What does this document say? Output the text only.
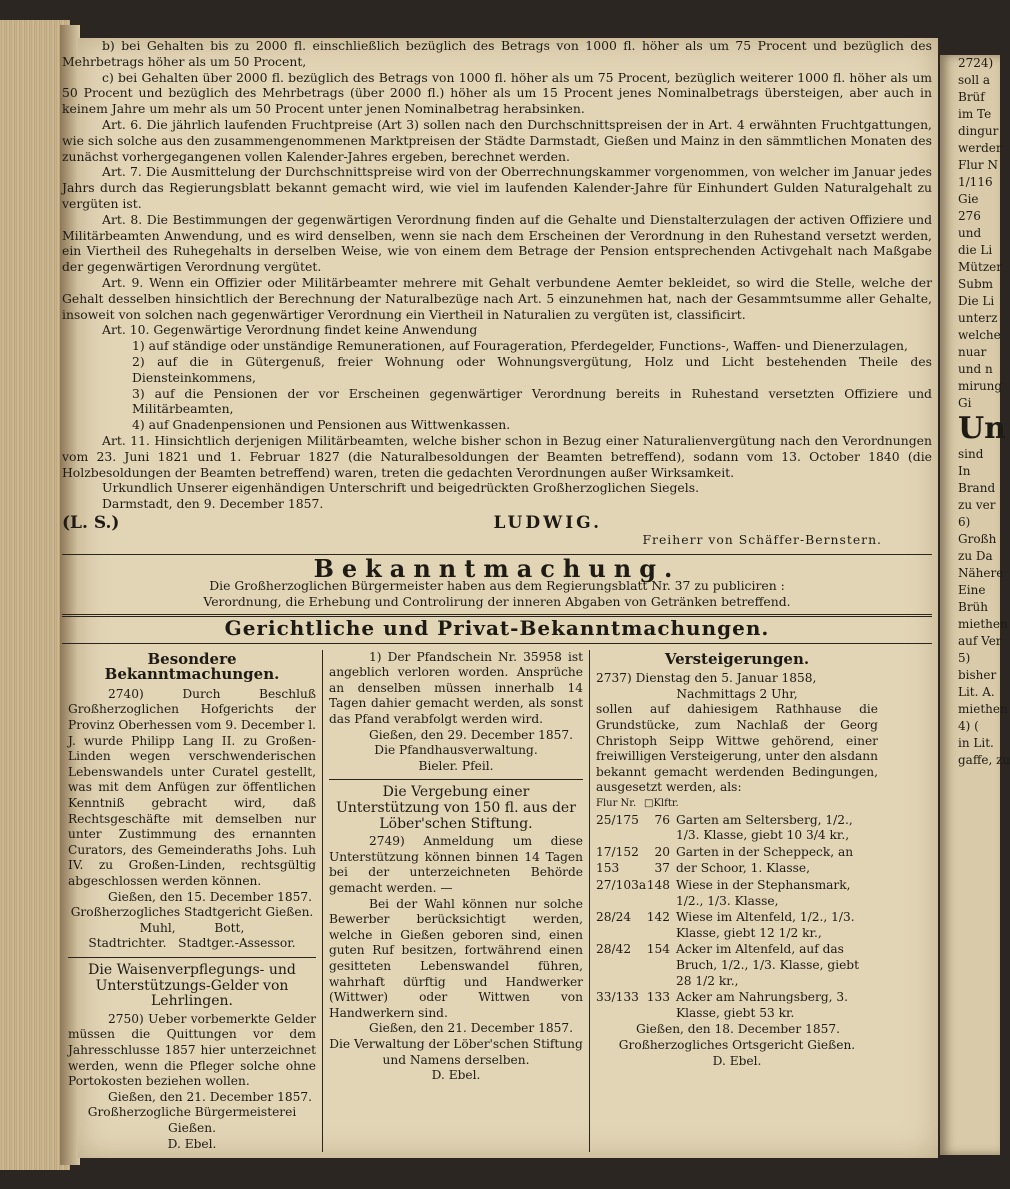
2724)
soll a
Brüf
im Te
dingur
werder
Flur N
1/116
Gie
276
und
die Li
Mützer
Subm
Die Li
unterz
welche
nuar
und n
mirung
Gi
Un
sind
In
Brand
zu ver
6)
Großh
zu Da
Nähere
Eine
Brüh
miethen
auf Ver
5)
bisher
Lit. A.
miethen
4) (
in Lit.
gaffe, zu

b) bei Gehalten bis zu 2000 fl. einschließlich bezüglich des Betrags von 1000 fl. höher als um 75 Procent und bezüglich des Mehrbetrags höher als um 50 Procent,

c) bei Gehalten über 2000 fl. bezüglich des Betrags von 1000 fl. höher als um 75 Procent, bezüglich weiterer 1000 fl. höher als um 50 Procent und bezüglich des Mehrbetrags (über 2000 fl.) höher als um 15 Procent jenes Nominalbetrags übersteigen, aber auch in keinem Jahre um mehr als um 50 Procent unter jenen Nominalbetrag herabsinken.

Art. 6. Die jährlich laufenden Fruchtpreise (Art 3) sollen nach den Durchschnittspreisen der in Art. 4 erwähnten Fruchtgattungen, wie sich solche aus den zusammengenommenen Marktpreisen der Städte Darmstadt, Gießen und Mainz in den sämmtlichen Monaten des zunächst vorhergegangenen vollen Kalender-Jahres ergeben, berechnet werden.

Art. 7. Die Ausmittelung der Durchschnittspreise wird von der Oberrechnungskammer vorgenommen, von welcher im Januar jedes Jahrs durch das Regierungsblatt bekannt gemacht wird, wie viel im laufenden Kalender-Jahre für Einhundert Gulden Naturalgehalt zu vergüten ist.

Art. 8. Die Bestimmungen der gegenwärtigen Verordnung finden auf die Gehalte und Dienstalterzulagen der activen Offiziere und Militärbeamten Anwendung, und es wird denselben, wenn sie nach dem Erscheinen der Verordnung in den Ruhestand versetzt werden, ein Viertheil des Ruhegehalts in derselben Weise, wie von einem dem Betrage der Pension entsprechenden Activgehalt nach Maßgabe der gegenwärtigen Verordnung vergütet.

Art. 9. Wenn ein Offizier oder Militärbeamter mehrere mit Gehalt verbundene Aemter bekleidet, so wird die Stelle, welche der Gehalt desselben hinsichtlich der Berechnung der Naturalbezüge nach Art. 5 einzunehmen hat, nach der Gesammtsumme aller Gehalte, insoweit von solchen nach gegenwärtiger Verordnung ein Viertheil in Naturalien zu vergüten ist, classificirt.

Art. 10. Gegenwärtige Verordnung findet keine Anwendung

1) auf ständige oder unständige Remunerationen, auf Fourageration, Pferdegelder, Functions-, Waffen- und Dienerzulagen,

2) auf die in Gütergenuß, freier Wohnung oder Wohnungsvergütung, Holz und Licht bestehenden Theile des Diensteinkommens,

3) auf die Pensionen der vor Erscheinen gegenwärtiger Verordnung bereits in Ruhestand versetzten Offiziere und Militärbeamten,

4) auf Gnadenpensionen und Pensionen aus Wittwenkassen.

Art. 11. Hinsichtlich derjenigen Militärbeamten, welche bisher schon in Bezug einer Naturalienvergütung nach den Verordnungen vom 23. Juni 1821 und 1. Februar 1827 (die Naturalbesoldungen der Beamten betreffend), sodann vom 13. October 1840 (die Holzbesoldungen der Beamten betreffend) waren, treten die gedachten Verordnungen außer Wirksamkeit.

Urkundlich Unserer eigenhändigen Unterschrift und beigedrückten Großherzoglichen Siegels.

Darmstadt, den 9. December 1857.

(L. S.)	LUDWIG.

Freiherr von Schäffer-Bernstern.

Bekanntmachung.

Die Großherzoglichen Bürgermeister haben aus dem Regierungsblatt Nr. 37 zu publiciren :

Verordnung, die Erhebung und Controlirung der inneren Abgaben von Getränken betreffend.

Gerichtliche und Privat-Bekanntmachungen.
Besondere Bekanntmachungen.

2740) Durch Beschluß Großherzoglichen Hofgerichts der Provinz Oberhessen vom 9. December l. J. wurde Philipp Lang II. zu Großen-Linden wegen verschwenderischen Lebenswandels unter Curatel gestellt, was mit dem Anfügen zur öffentlichen Kenntniß gebracht wird, daß Rechtsgeschäfte mit demselben nur unter Zustimmung des ernannten Curators, des Gemeinderaths Johs. Luh IV. zu Großen-Linden, rechtsgültig abgeschlossen werden können.

Gießen, den 15. December 1857.

Großherzogliches Stadtgericht Gießen.

Muhl,          Bott,

Stadtrichter.   Stadtger.-Assessor.

Die Waisenverpflegungs- und Unterstützungs-Gelder von Lehrlingen.

2750) Ueber vorbemerkte Gelder müssen die Quittungen vor dem Jahresschlusse 1857 hier unterzeichnet werden, wenn die Pfleger solche ohne Portokosten beziehen wollen.

Gießen, den 21. December 1857.

Großherzogliche Bürgermeisterei Gießen.

D. Ebel.

1) Der Pfandschein Nr. 35958 ist angeblich verloren worden. Ansprüche an denselben müssen innerhalb 14 Tagen dahier gemacht werden, als sonst das Pfand verabfolgt werden wird.

Gießen, den 29. December 1857.

Die Pfandhausverwaltung.

Bieler. Pfeil.

Die Vergebung einer Unterstützung von 150 fl. aus der Löber'schen Stiftung.

2749) Anmeldung um diese Unterstützung können binnen 14 Tagen bei der unterzeichneten Behörde gemacht werden. —

Bei der Wahl können nur solche Bewerber berücksichtigt werden, welche in Gießen geboren sind, einen guten Ruf besitzen, fortwährend einen gesitteten Lebenswandel führen, wahrhaft dürftig und Handwerker (Wittwer) oder Wittwen von Handwerkern sind.

Gießen, den 21. December 1857.

Die Verwaltung der Löber'schen Stiftung und Namens derselben.

D. Ebel.

Versteigerungen.

2737) Dienstag den 5. Januar 1858,

Nachmittags 2 Uhr,

sollen auf dahiesigem Rathhause die Grundstücke, zum Nachlaß der Georg Christoph Seipp Wittwe gehörend, einer freiwilligen Versteigerung, unter den alsdann bekannt gemacht werdenden Bedingungen, ausgesetzt werden, als:

Flur Nr. □Klftr.
25/175	76 Garten am Seltersberg, 1/2., 1/3. Klasse, giebt 10 3/4 kr.,
17/152	20 Garten in der Scheppeck, an
153	37 der Schoor, 1. Klasse,
27/103a 148 Wiese in der Stephansmark, 1/2., 1/3. Klasse,
28/24	142 Wiese im Altenfeld, 1/2., 1/3. Klasse, giebt 12 1/2 kr.,
28/42	154 Acker im Altenfeld, auf das Bruch, 1/2., 1/3. Klasse, giebt 28 1/2 kr.,
33/133 133 Acker am Nahrungsberg, 3. Klasse, giebt 53 kr.

Gießen, den 18. December 1857.

Großherzogliches Ortsgericht Gießen.

D. Ebel.
